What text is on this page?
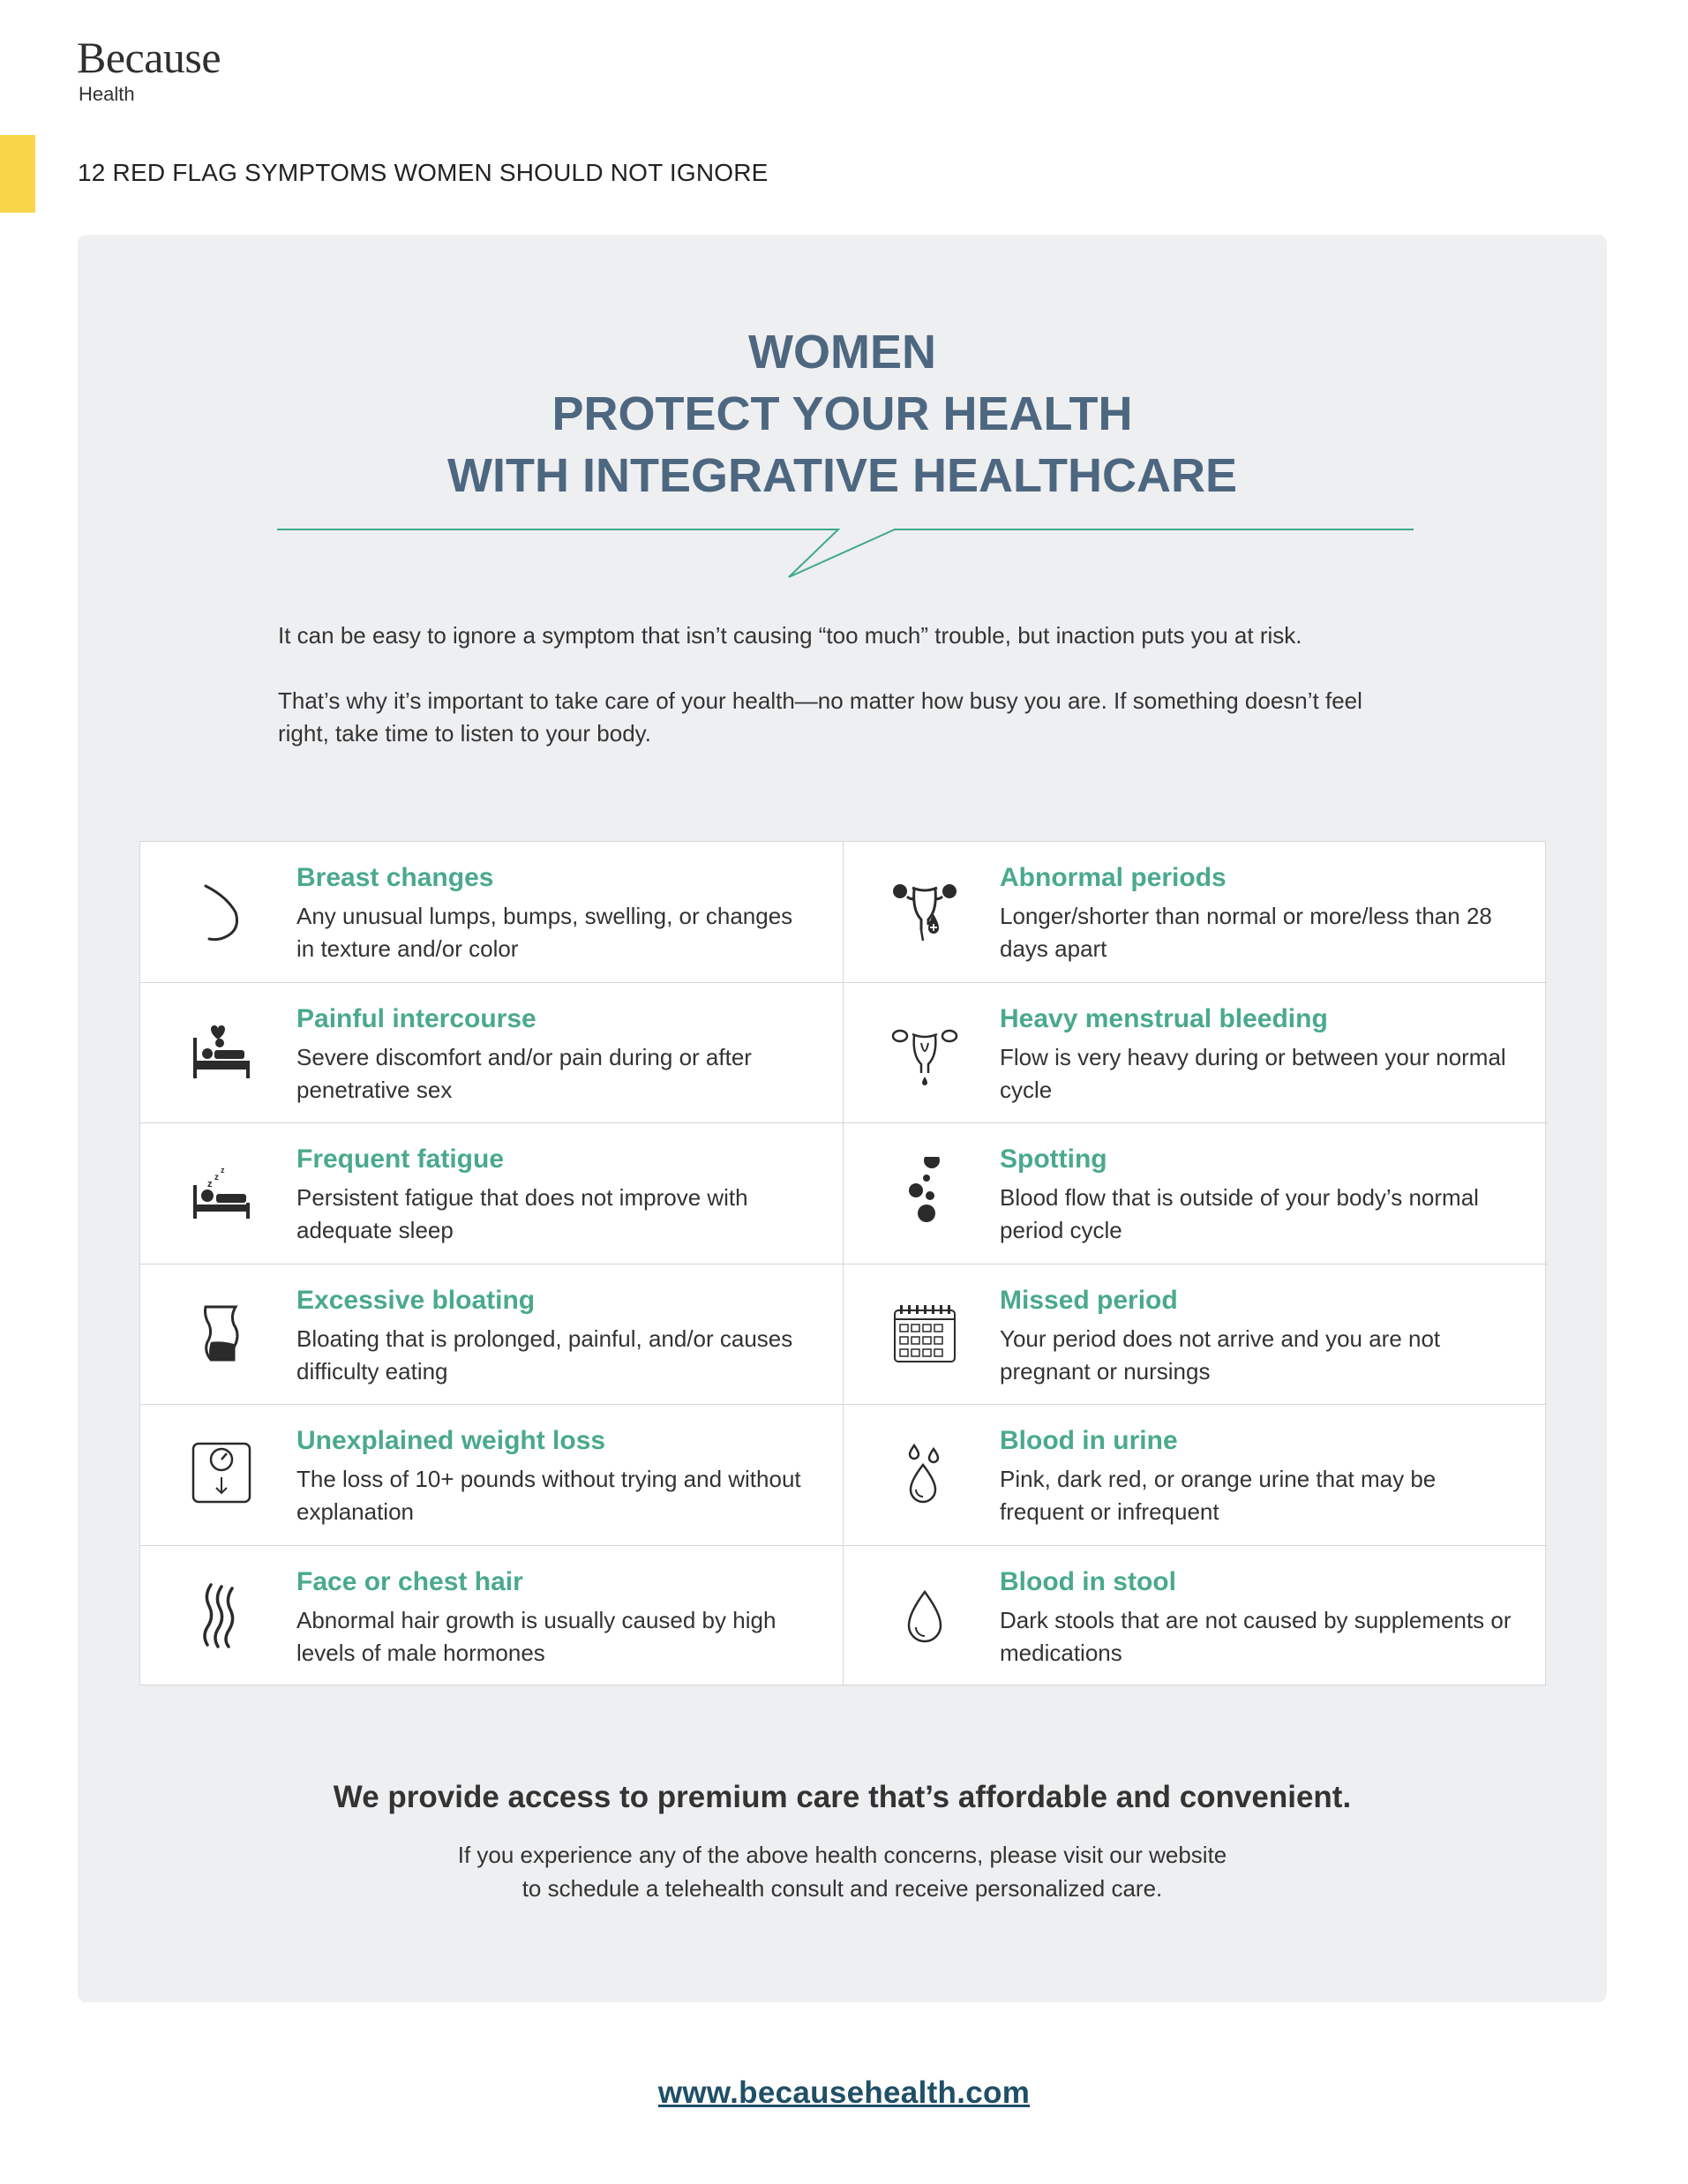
Because
Health
12 RED FLAG SYMPTOMS WOMEN SHOULD NOT IGNORE
WOMEN
PROTECT YOUR HEALTH
WITH INTEGRATIVE HEALTHCARE

It can be easy to ignore a symptom that isn’t causing “too much” trouble, but inaction puts you at risk.

That’s why it’s important to take care of your health—no matter how busy you are. If something doesn’t feel right, take time to listen to your body.

Breast changes
Any unusual lumps, bumps, swelling, or changes in texture and/or color
Abnormal periods
Longer/shorter than normal or more/less than 28 days apart
Painful intercourse
Severe discomfort and/or pain during or after penetrative sex
Heavy menstrual bleeding
Flow is very heavy during or between your normal cycle
z
z
z	Frequent fatigue
Persistent fatigue that does not improve with adequate sleep
Spotting
Blood flow that is outside of your body’s normal period cycle
Excessive bloating
Bloating that is prolonged, painful, and/or causes difficulty eating
Missed period
Your period does not arrive and you are not pregnant or nursings
Unexplained weight loss
The loss of 10+ pounds without trying and without explanation
Blood in urine
Pink, dark red, or orange urine that may be frequent or infrequent
Face or chest hair
Abnormal hair growth is usually caused by high levels of male hormones
Blood in stool
Dark stools that are not caused by supplements or medications
We provide access to premium care that’s affordable and convenient.
If you experience any of the above health concerns, please visit our website
to schedule a telehealth consult and receive personalized care.
www.becausehealth.com
